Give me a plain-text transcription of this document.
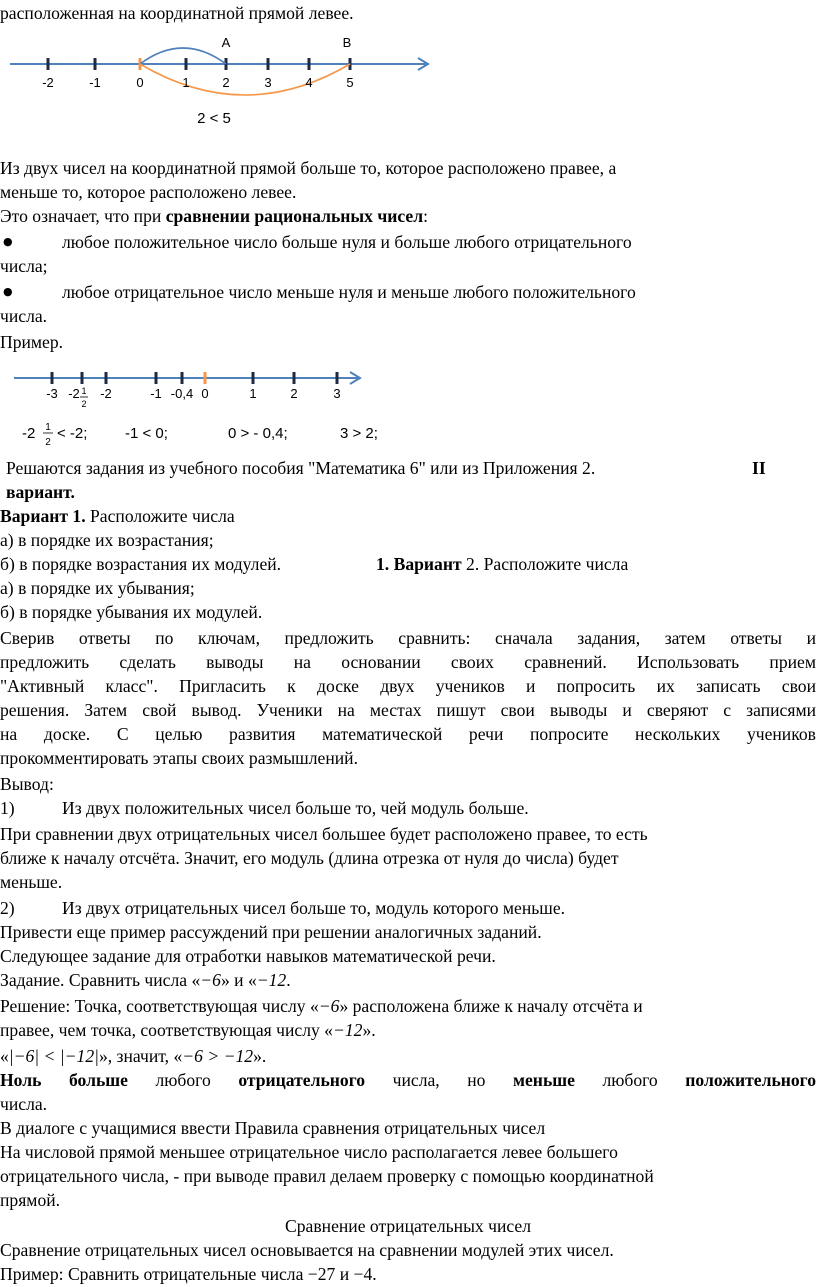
расположенная на координатной прямой левее.
A	B
-2	-1	0	1	2	3	4	5
2 < 5
Из двух чисел на координатной прямой больше то, которое расположено правее, а
меньше то, которое расположено левее.
Это означает, что при сравнении рациональных чисел:
●	любое положительное число больше нуля и больше любого отрицательного
числа;
●	любое отрицательное число меньше нуля и меньше любого положительного
числа.
Пример.
-3 -2 -2	-1 -0,4 0	1	2	3
1
2
-2 1
2
< -2;	-1 < 0;	0 > - 0,4;	3 > 2;
Решаются задания из учебного пособия "Математика 6" или из Приложения 2.	II
вариант.
Вариант 1. Расположите числа
а) в порядке их возрастания;
б) в порядке возрастания их модулей.	1. Вариант 2. Расположите числа
а) в порядке их убывания;
б) в порядке убывания их модулей.
Сверив ответы по ключам, предложить сравнить: сначала задания, затем ответы и
предложить сделать выводы на основании своих сравнений. Использовать прием
"Активный класс". Пригласить к доске двух учеников и попросить их записать свои
решения. Затем свой вывод. Ученики на местах пишут свои выводы и сверяют с записями
на доске. С целью развития математической речи попросите нескольких учеников
прокомментировать этапы своих размышлений.
Вывод:
1)	Из двух положительных чисел больше то, чей модуль больше.
При сравнении двух отрицательных чисел большее будет расположено правее, то есть
ближе к началу отсчёта. Значит, его модуль (длина отрезка от нуля до числа) будет
меньше.
2)	Из двух отрицательных чисел больше то, модуль которого меньше.
Привести еще пример рассуждений при решении аналогичных заданий.
Следующее задание для отработки навыков математической речи.
Задание. Сравнить числа «−6» и «−12.
Решение: Точка, соответствующая числу «−6» расположена ближе к началу отсчёта и
правее, чем точка, соответствующая числу «−12».
«|−6| < |−12|», значит, «−6 > −12».
Ноль больше любого отрицательного числа, но меньше любого положительного
числа.
В диалоге с учащимися ввести Правила сравнения отрицательных чисел
На числовой прямой меньшее отрицательное число располагается левее большего
отрицательного числа, - при выводе правил делаем проверку с помощью координатной
прямой.
Сравнение отрицательных чисел
Сравнение отрицательных чисел основывается на сравнении модулей этих чисел.
Пример: Сравнить отрицательные числа −27 и −4.
